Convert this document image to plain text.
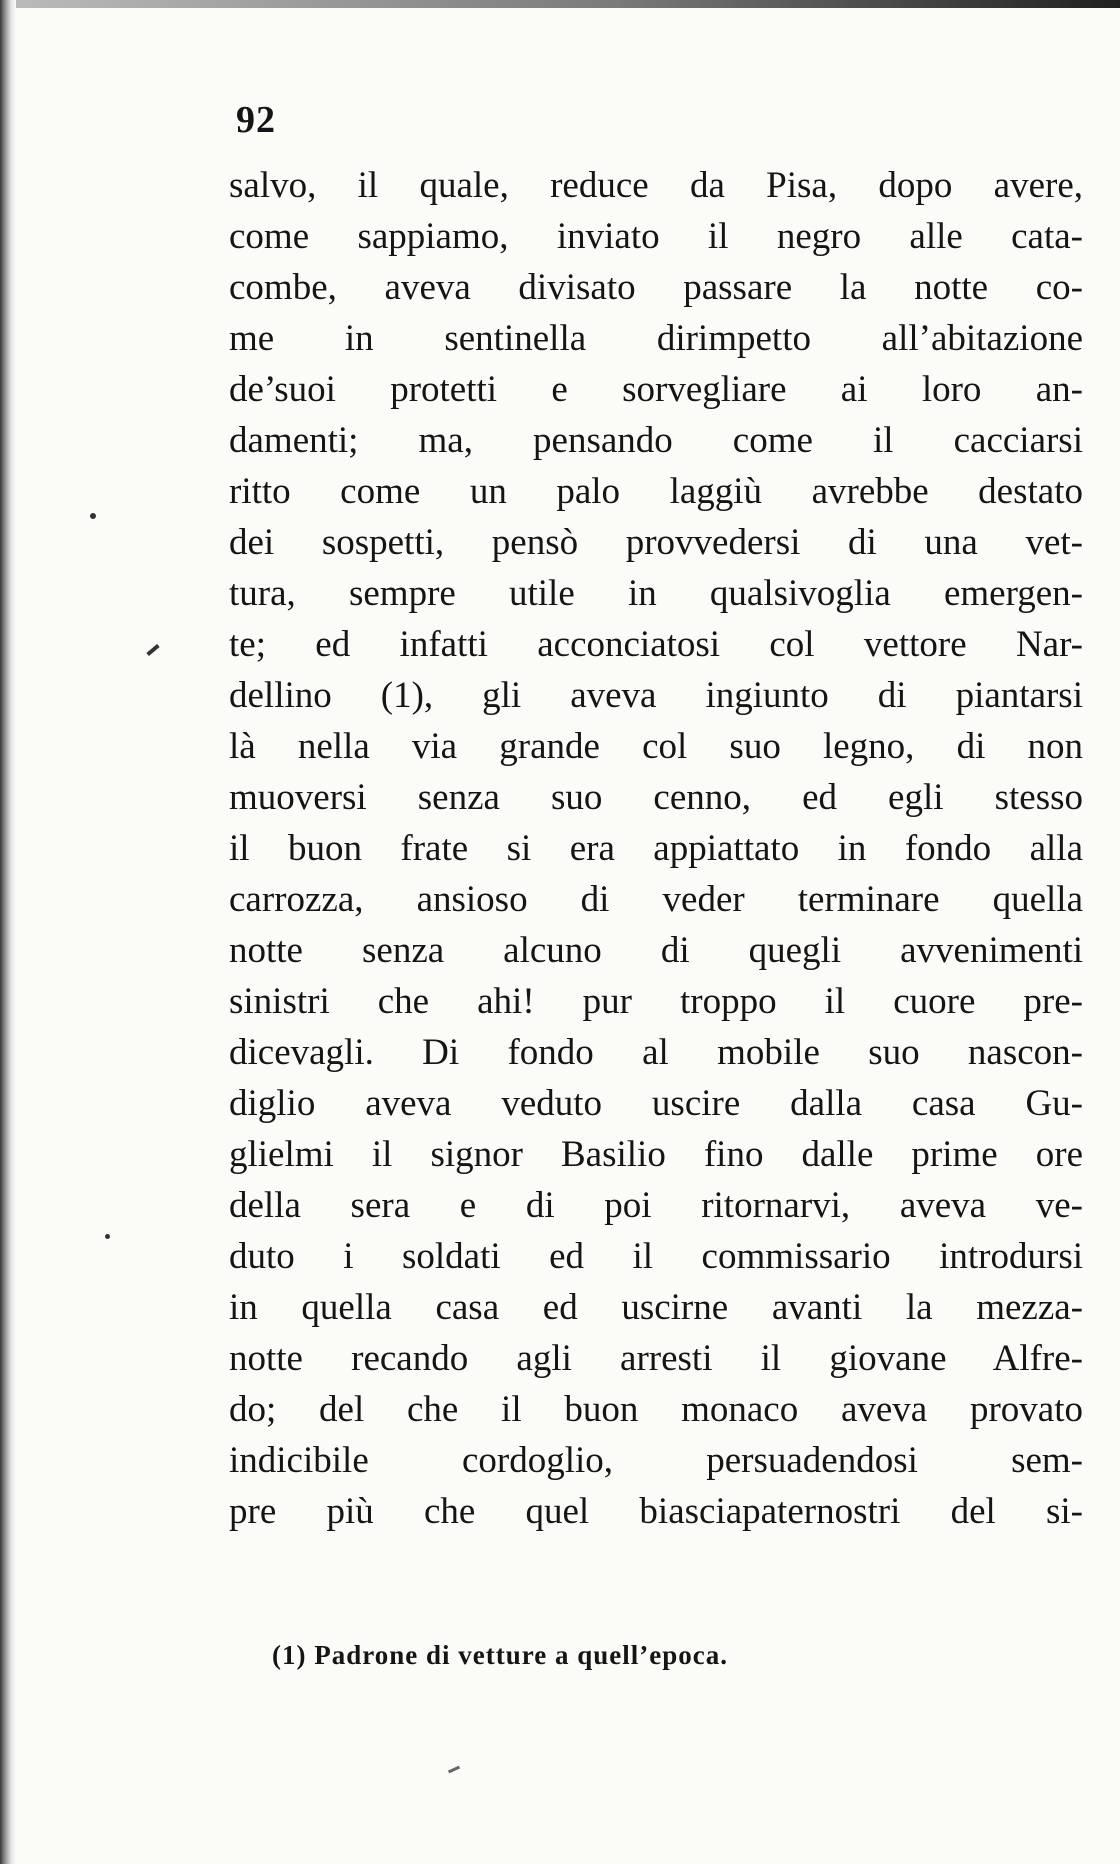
92
salvo, il quale, reduce da Pisa, dopo avere,
come sappiamo, inviato il negro alle cata-
combe, aveva divisato passare la notte co-
me in sentinella dirimpetto all’abitazione
de’suoi protetti e sorvegliare ai loro an-
damenti; ma, pensando come il cacciarsi
ritto come un palo laggiù avrebbe destato
dei sospetti, pensò provvedersi di una vet-
tura, sempre utile in qualsivoglia emergen-
te; ed infatti acconciatosi col vettore Nar-
dellino (1), gli aveva ingiunto di piantarsi
là nella via grande col suo legno, di non
muoversi senza suo cenno, ed egli stesso
il buon frate si era appiattato in fondo alla
carrozza, ansioso di veder terminare quella
notte senza alcuno di quegli avvenimenti
sinistri che ahi! pur troppo il cuore pre-
dicevagli. Di fondo al mobile suo nascon-
diglio aveva veduto uscire dalla casa Gu-
glielmi il signor Basilio fino dalle prime ore
della sera e di poi ritornarvi, aveva ve-
duto i soldati ed il commissario introdursi
in quella casa ed uscirne avanti la mezza-
notte recando agli arresti il giovane Alfre-
do; del che il buon monaco aveva provato
indicibile cordoglio, persuadendosi sem-
pre più che quel biasciapaternostri del si-
(1) Padrone di vetture a quell’epoca.
